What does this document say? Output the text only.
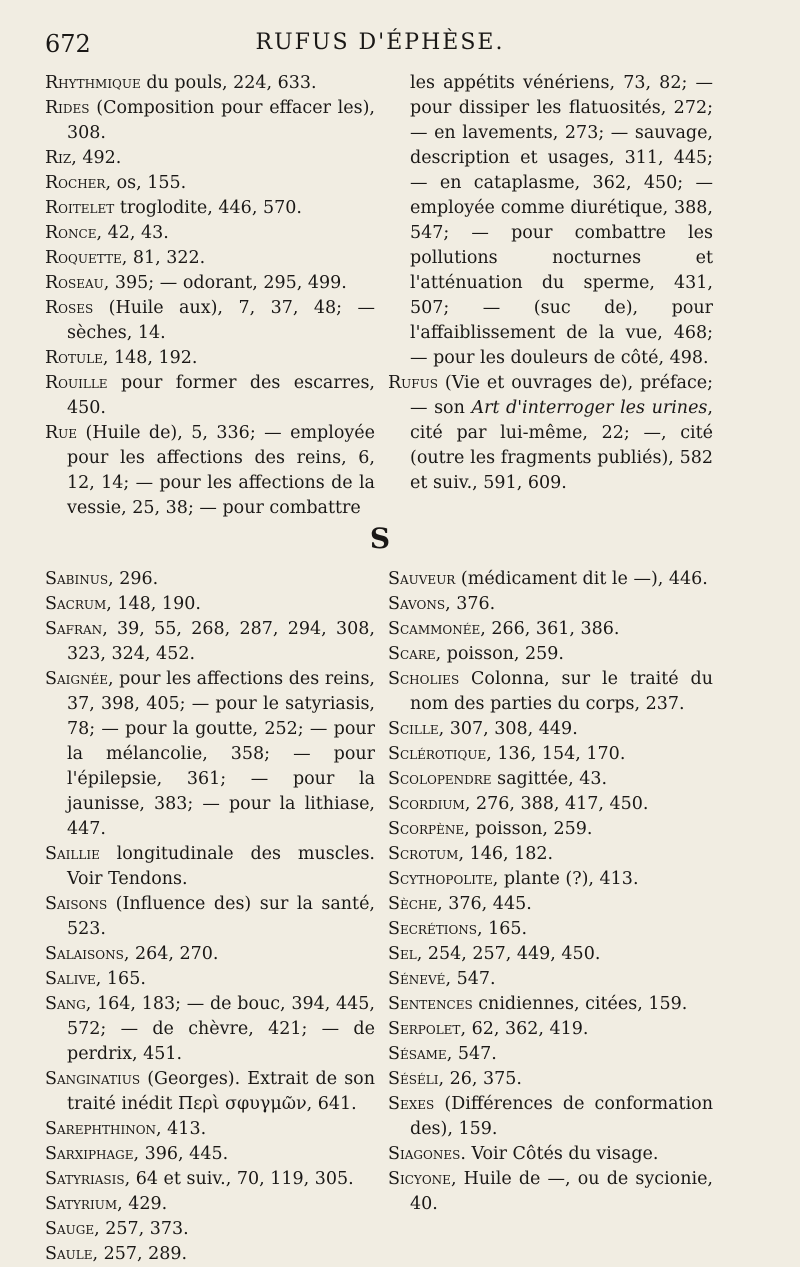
672	RUFUS D'ÉPHÈSE.
Rhythmique du pouls, 224, 633.
Rides (Composition pour effacer les), 308.
Riz, 492.
Rocher, os, 155.
Roitelet troglodite, 446, 570.
Ronce, 42, 43.
Roquette, 81, 322.
Roseau, 395; — odorant, 295, 499.
Roses (Huile aux), 7, 37, 48; — sèches, 14.
Rotule, 148, 192.
Rouille pour former des escarres, 450.
Rue (Huile de), 5, 336; — employée pour les affections des reins, 6, 12, 14; — pour les affections de la vessie, 25, 38; — pour combattre
les appétits vénériens, 73, 82; — pour dissiper les flatuosités, 272; — en lavements, 273; — sauvage, description et usages, 311, 445; — en cataplasme, 362, 450; — employée comme diurétique, 388, 547; — pour combattre les pollutions nocturnes et l'atténuation du sperme, 431, 507; — (suc de), pour l'affaiblissement de la vue, 468; — pour les douleurs de côté, 498.
Rufus (Vie et ouvrages de), préface; — son Art d'interroger les urines, cité par lui-même, 22; —, cité (outre les fragments publiés), 582 et suiv., 591, 609.
S
Sabinus, 296.
Sacrum, 148, 190.
Safran, 39, 55, 268, 287, 294, 308, 323, 324, 452.
Saignée, pour les affections des reins, 37, 398, 405; — pour le satyriasis, 78; — pour la goutte, 252; — pour la mélancolie, 358; — pour l'épilepsie, 361; — pour la jaunisse, 383; — pour la lithiase, 447.
Saillie longitudinale des muscles. Voir Tendons.
Saisons (Influence des) sur la santé, 523.
Salaisons, 264, 270.
Salive, 165.
Sang, 164, 183; — de bouc, 394, 445, 572; — de chèvre, 421; — de perdrix, 451.
Sanginatius (Georges). Extrait de son traité inédit Περὶ σφυγμῶν, 641.
Sarephthinon, 413.
Sarxiphage, 396, 445.
Satyriasis, 64 et suiv., 70, 119, 305.
Satyrium, 429.
Sauge, 257, 373.
Saule, 257, 289.
Sauveur (médicament dit le —), 446.
Savons, 376.
Scammonée, 266, 361, 386.
Scare, poisson, 259.
Scholies Colonna, sur le traité du nom des parties du corps, 237.
Scille, 307, 308, 449.
Sclérotique, 136, 154, 170.
Scolopendre sagittée, 43.
Scordium, 276, 388, 417, 450.
Scorpène, poisson, 259.
Scrotum, 146, 182.
Scythopolite, plante (?), 413.
Sèche, 376, 445.
Secrétions, 165.
Sel, 254, 257, 449, 450.
Sénevé, 547.
Sentences cnidiennes, citées, 159.
Serpolet, 62, 362, 419.
Sésame, 547.
Séséli, 26, 375.
Sexes (Différences de conformation des), 159.
Siagones. Voir Côtés du visage.
Sicyone, Huile de —, ou de sycionie, 40.
